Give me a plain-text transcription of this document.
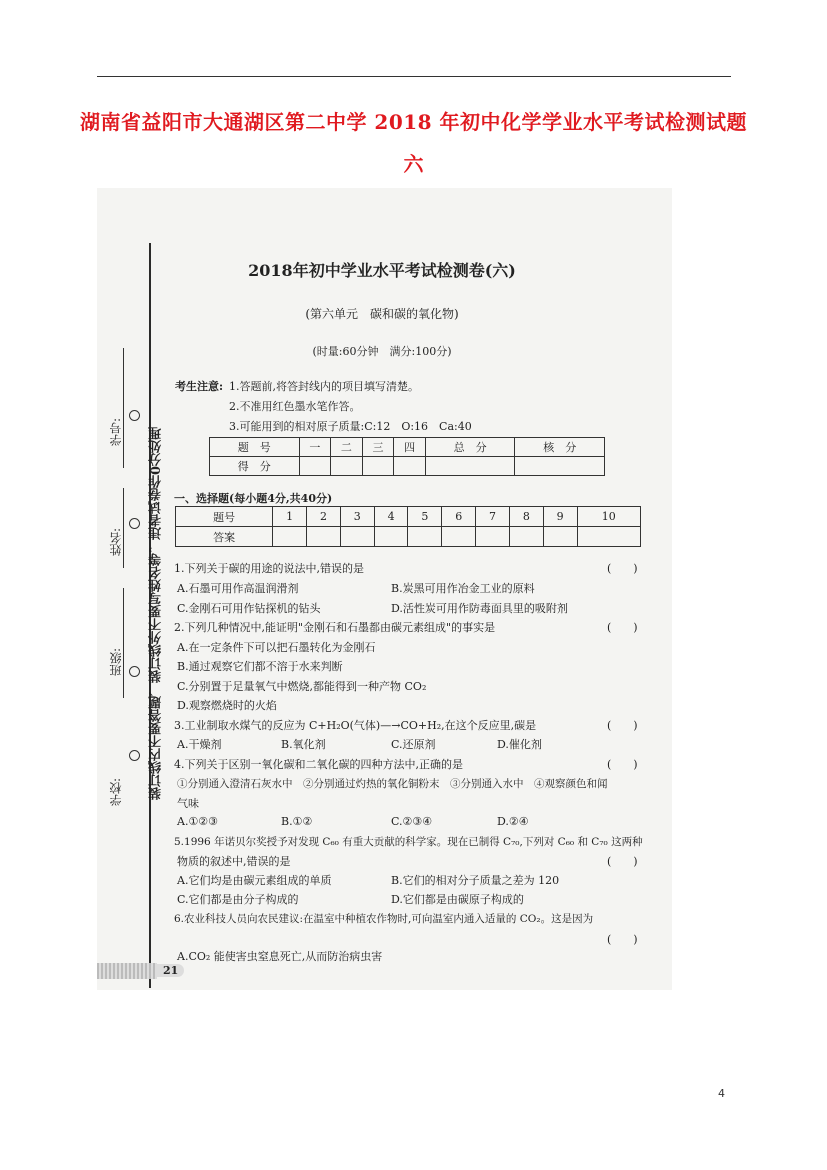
湖南省益阳市大通湖区第二中学 2018 年初中化学学业水平考试检测试题
六
装订线内不要答题、装订线外不要写姓名等，违者试卷作0分处理
学号:
姓名:
班级:
学校:
2018年初中学业水平考试检测卷(六)
(第六单元　碳和碳的氧化物)
(时量:60分钟　满分:100分)
考生注意: 1.答题前,将答封线内的项目填写清楚。
2.不准用红色墨水笔作答。
3.可能用到的相对原子质量:C:12　O:16　Ca:40
题　号	一	二	三	四	总　分	核　分
得　分						
一、选择题(每小题4分,共40分)
题号	1	2	3	4	5	6	7	8	9	10
答案										
1.下列关于碳的用途的说法中,错误的是	(　　)
A.石墨可用作高温润滑剂	B.炭黑可用作冶金工业的原料
C.金刚石可用作钻探机的钻头	D.活性炭可用作防毒面具里的吸附剂
2.下列几种情况中,能证明"金刚石和石墨都由碳元素组成"的事实是	(　　)
A.在一定条件下可以把石墨转化为金刚石
B.通过观察它们都不溶于水来判断
C.分别置于足量氧气中燃烧,都能得到一种产物 CO₂
D.观察燃烧时的火焰
3.工业制取水煤气的反应为 C+H₂O(气体)—→CO+H₂,在这个反应里,碳是	(　　)
A.干燥剂	B.氧化剂	C.还原剂	D.催化剂
4.下列关于区别一氧化碳和二氧化碳的四种方法中,正确的是	(　　)
①分别通入澄清石灰水中　②分别通过灼热的氧化铜粉末　③分别通入水中　④观察颜色和闻
气味
A.①②③	B.①②	C.②③④	D.②④
5.1996 年诺贝尔奖授予对发现 C₆₀ 有重大贡献的科学家。现在已制得 C₇₀,下列对 C₆₀ 和 C₇₀ 这两种
物质的叙述中,错误的是	(　　)
A.它们均是由碳元素组成的单质	B.它们的相对分子质量之差为 120
C.它们都是由分子构成的	D.它们都是由碳原子构成的
6.农业科技人员向农民建议:在温室中种植农作物时,可向温室内通入适量的 CO₂。这是因为
(　　)
A.CO₂ 能使害虫窒息死亡,从而防治病虫害
21
4
